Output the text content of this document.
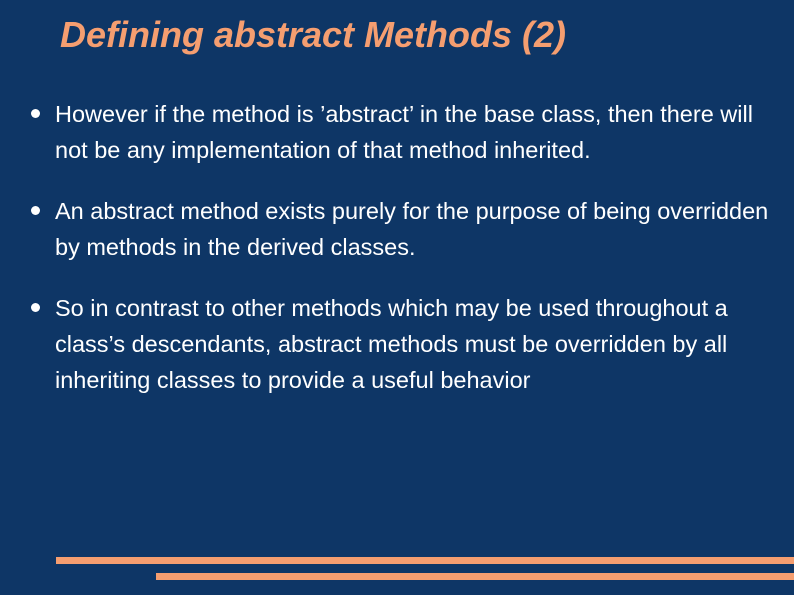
Defining abstract Methods (2)
However if the method is ’abstract’ in the base class, then there will not be any implementation of that method inherited.
An abstract method exists purely for the purpose of being overridden by methods in the derived classes.
So in contrast to other methods which may be used throughout a class’s descendants, abstract methods must be overridden by all inheriting classes to provide a useful behavior
